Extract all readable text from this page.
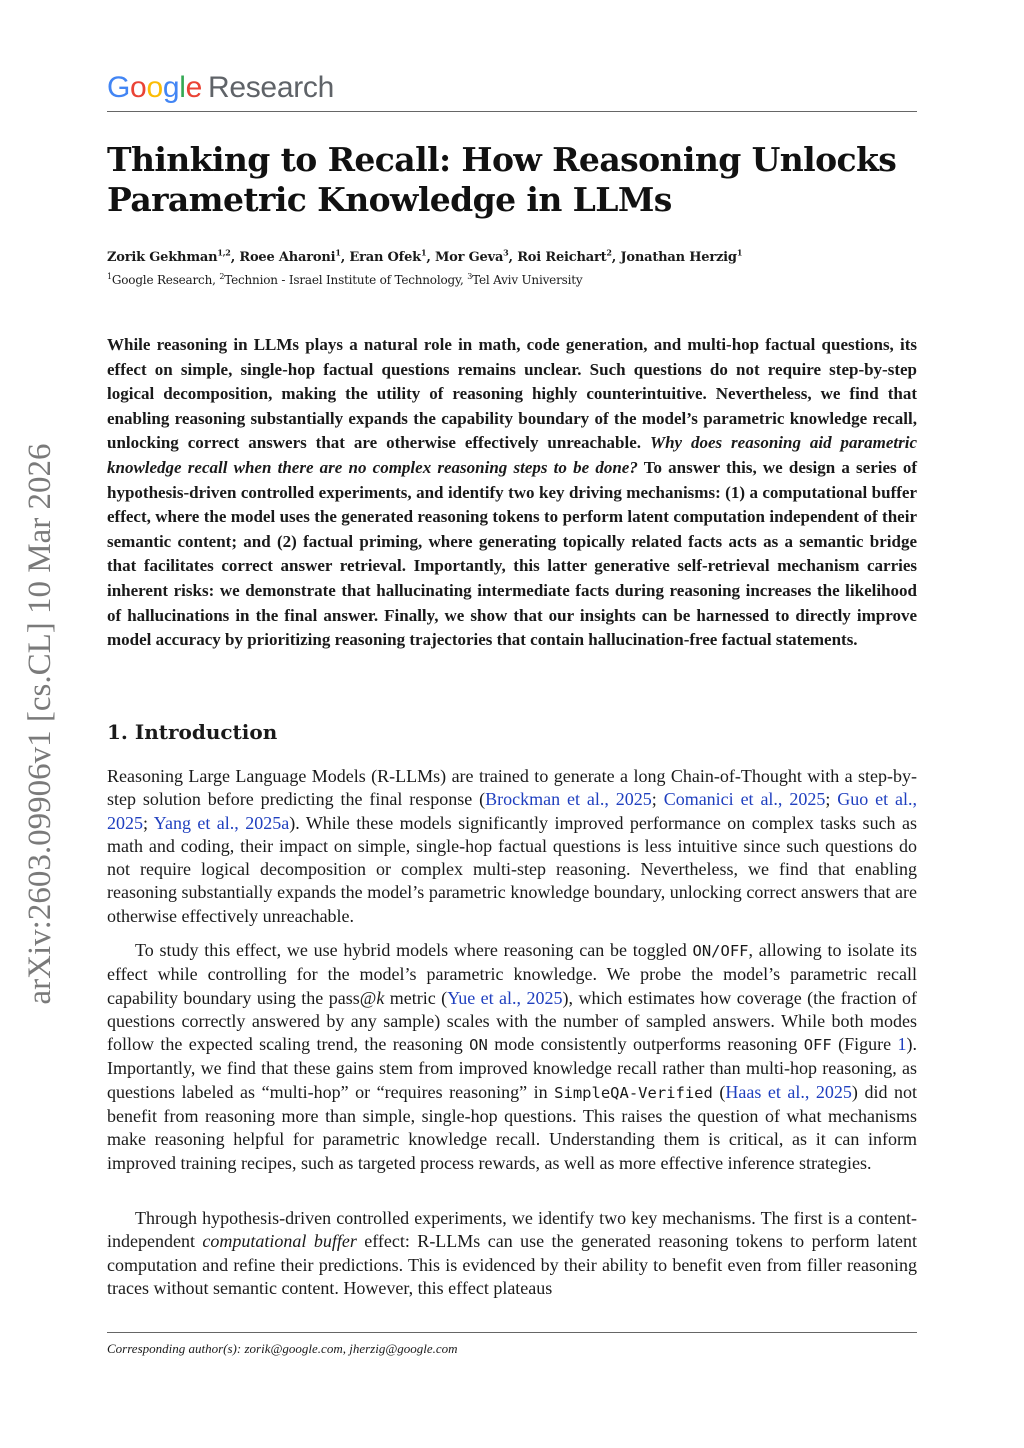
Google Research
Thinking to Recall: How Reasoning Unlocks Parametric Knowledge in LLMs
Zorik Gekhman$^{1,2}$, Roee Aharoni$^1$, Eran Ofek$^1$, Mor Geva$^3$, Roi Reichart$^2$, Jonathan Herzig$^1$
$^1$Google Research, $^2$Technion - Israel Institute of Technology, $^3$Tel Aviv University

While reasoning in LLMs plays a natural role in math, code generation, and multi-hop factual questions, its effect on simple, single-hop factual questions remains unclear. Such questions do not require step-by-step logical decomposition, making the utility of reasoning highly counterintuitive. Nevertheless, we find that enabling reasoning substantially expands the capability boundary of the model’s parametric knowledge recall, unlocking correct answers that are otherwise effectively unreachable. Why does reasoning aid parametric knowledge recall when there are no complex reasoning steps to be done? To answer this, we design a series of hypothesis-driven controlled experiments, and identify two key driving mechanisms: (1) a computational buffer effect, where the model uses the generated reasoning tokens to perform latent computation independent of their semantic content; and (2) factual priming, where generating topically related facts acts as a semantic bridge that facilitates correct answer retrieval. Importantly, this latter generative self-retrieval mechanism carries inherent risks: we demonstrate that hallucinating intermediate facts during reasoning increases the likelihood of hallucinations in the final answer. Finally, we show that our insights can be harnessed to directly improve model accuracy by prioritizing reasoning trajectories that contain hallucination-free factual statements.

1. Introduction

Reasoning Large Language Models (R-LLMs) are trained to generate a long Chain-of-Thought with a step-by-step solution before predicting the final response (Brockman et al., 2025; Comanici et al., 2025; Guo et al., 2025; Yang et al., 2025a). While these models significantly improved performance on complex tasks such as math and coding, their impact on simple, single-hop factual questions is less intuitive since such questions do not require logical decomposition or complex multi-step reasoning. Nevertheless, we find that enabling reasoning substantially expands the model’s parametric knowledge boundary, unlocking correct answers that are otherwise effectively unreachable.

To study this effect, we use hybrid models where reasoning can be toggled ON/OFF, allowing to isolate its effect while controlling for the model’s parametric knowledge. We probe the model’s parametric recall capability boundary using the pass@k metric (Yue et al., 2025), which estimates how coverage (the fraction of questions correctly answered by any sample) scales with the number of sampled answers. While both modes follow the expected scaling trend, the reasoning ON mode consistently outperforms reasoning OFF (Figure 1). Importantly, we find that these gains stem from improved knowledge recall rather than multi-hop reasoning, as questions labeled as “multi-hop” or “requires reasoning” in SimpleQA-Verified (Haas et al., 2025) did not benefit from reasoning more than simple, single-hop questions. This raises the question of what mechanisms make reasoning helpful for parametric knowledge recall. Understanding them is critical, as it can inform improved training recipes, such as targeted process rewards, as well as more effective inference strategies.

Through hypothesis-driven controlled experiments, we identify two key mechanisms. The first is a content-independent computational buffer effect: R-LLMs can use the generated reasoning tokens to perform latent computation and refine their predictions. This is evidenced by their ability to benefit even from filler reasoning traces without semantic content. However, this effect plateaus

Corresponding author(s): zorik@google.com, jherzig@google.com
arXiv:2603.09906v1 [cs.CL] 10 Mar 2026
